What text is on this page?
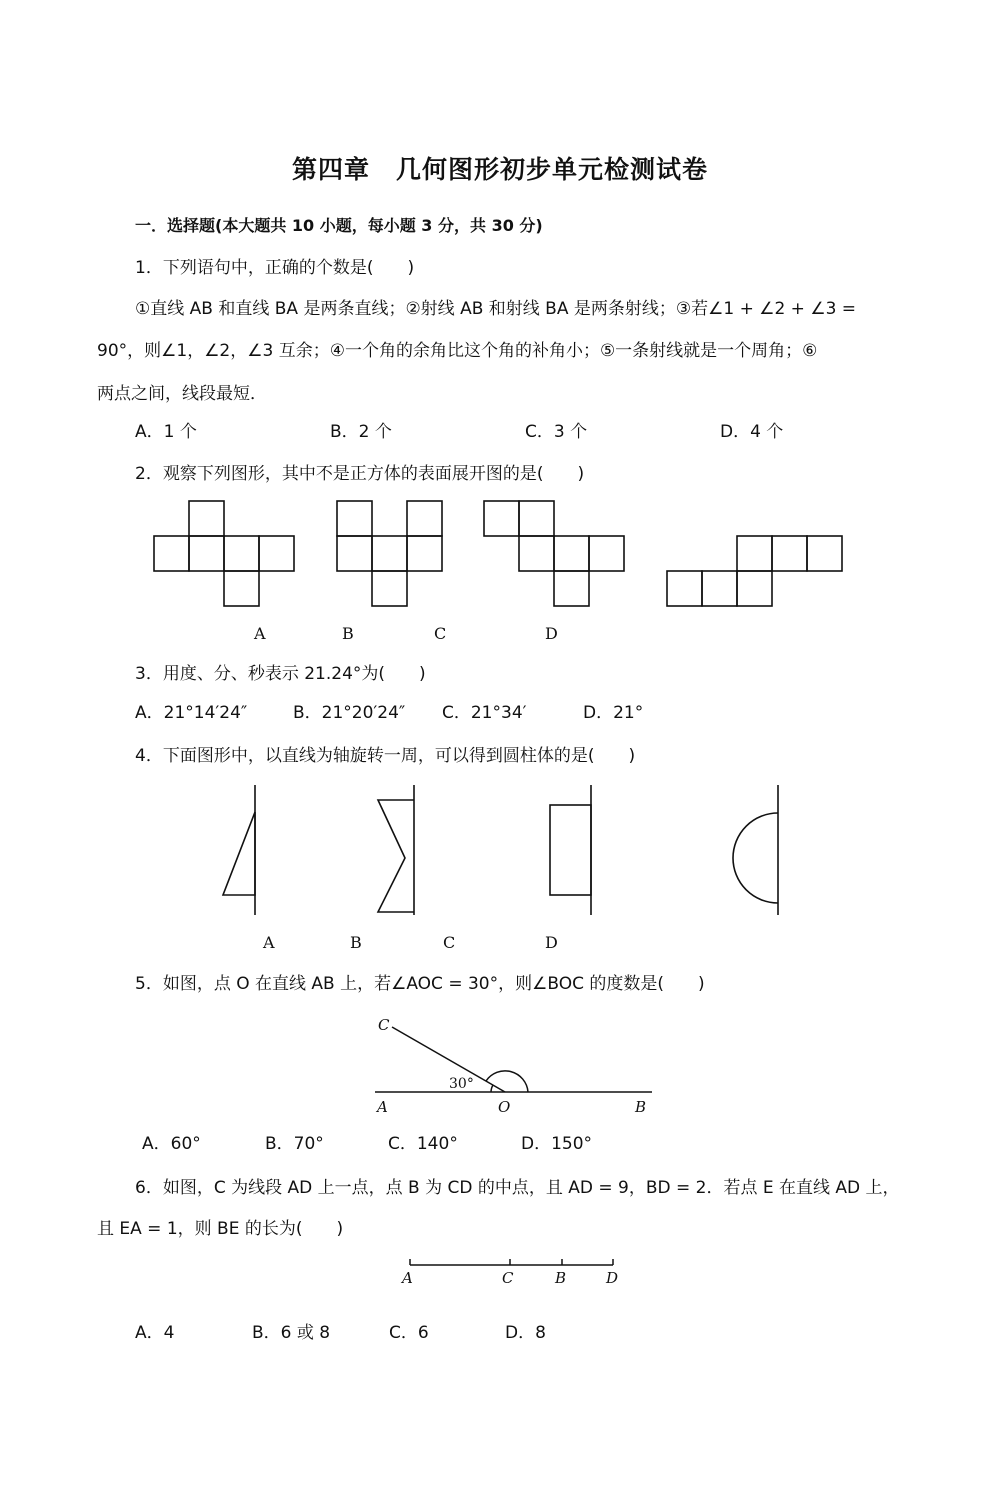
第四章　几何图形初步单元检测试卷
一．选择题(本大题共 10 小题，每小题 3 分，共 30 分)
1．下列语句中，正确的个数是(　　)
①直线 AB 和直线 BA 是两条直线；②射线 AB 和射线 BA 是两条射线；③若∠1 + ∠2 + ∠3 =
90°，则∠1，∠2，∠3 互余；④一个角的余角比这个角的补角小；⑤一条射线就是一个周角；⑥
两点之间，线段最短．
A．1 个	B．2 个	C．3 个	D．4 个
2．观察下列图形，其中不是正方体的表面展开图的是(　　)
A	B	C	D
3．用度、分、秒表示 21.24°为(　　)
A．21°14′24″	B．21°20′24″ C．21°34′	D．21°
4．下面图形中，以直线为轴旋转一周，可以得到圆柱体的是(　　)
A	B	C	D
5．如图，点 O 在直线 AB 上，若∠AOC = 30°，则∠BOC 的度数是(　　)
C
A	O	B
30°
A．60°	B．70°	C．140°	D．150°
6．如图，C 为线段 AD 上一点，点 B 为 CD 的中点，且 AD = 9，BD = 2．若点 E 在直线 AD 上，
且 EA = 1，则 BE 的长为(　　)
A	C	B	D
A．4	B．6 或 8	C．6	D．8
